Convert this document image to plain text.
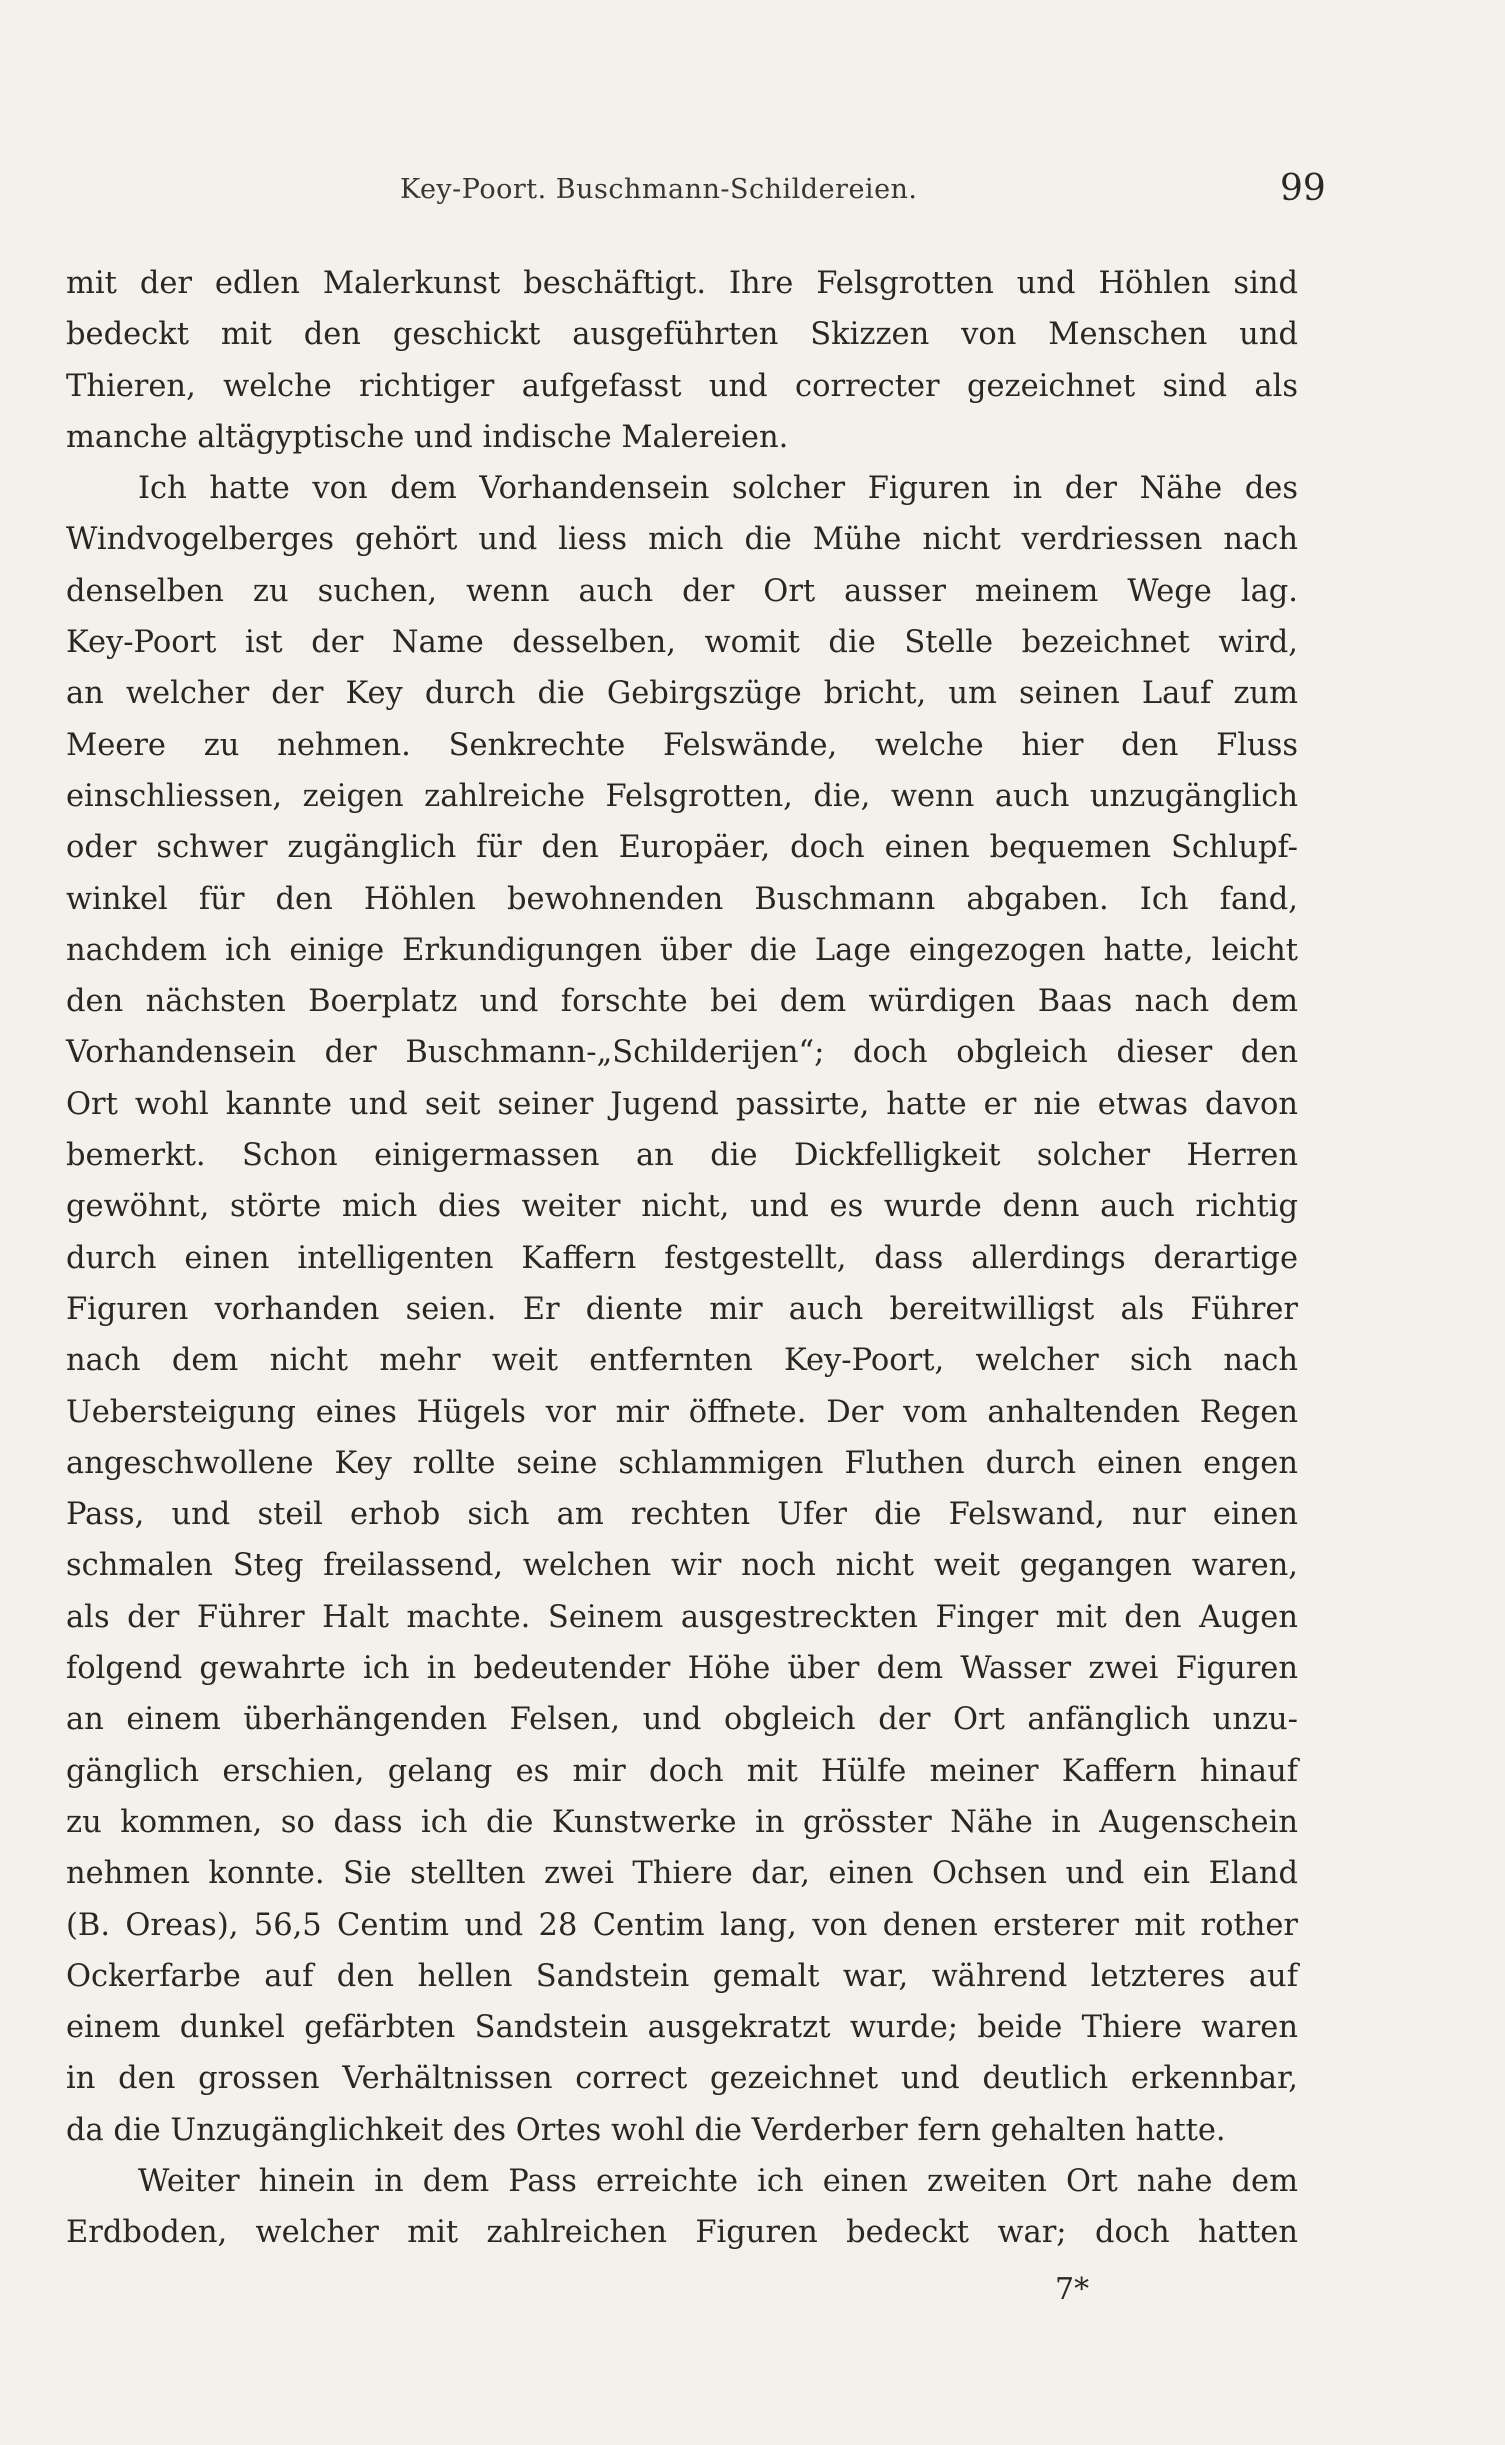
Key-Poort. Buschmann-Schildereien.	99
mit der edlen Malerkunst beschäftigt. Ihre Felsgrotten und Höhlen sind
bedeckt mit den geschickt ausgeführten Skizzen von Menschen und
Thieren, welche richtiger aufgefasst und correcter gezeichnet sind als
manche altägyptische und indische Malereien.
Ich hatte von dem Vorhandensein solcher Figuren in der Nähe des
Windvogelberges gehört und liess mich die Mühe nicht verdriessen nach
denselben zu suchen, wenn auch der Ort ausser meinem Wege lag.
Key-Poort ist der Name desselben, womit die Stelle bezeichnet wird,
an welcher der Key durch die Gebirgszüge bricht, um seinen Lauf zum
Meere zu nehmen. Senkrechte Felswände, welche hier den Fluss
einschliessen, zeigen zahlreiche Felsgrotten, die, wenn auch unzugänglich
oder schwer zugänglich für den Europäer, doch einen bequemen Schlupf-
winkel für den Höhlen bewohnenden Buschmann abgaben. Ich fand,
nachdem ich einige Erkundigungen über die Lage eingezogen hatte, leicht
den nächsten Boerplatz und forschte bei dem würdigen Baas nach dem
Vorhandensein der Buschmann-„Schilderijen“; doch obgleich dieser den
Ort wohl kannte und seit seiner Jugend passirte, hatte er nie etwas davon
bemerkt. Schon einigermassen an die Dickfelligkeit solcher Herren
gewöhnt, störte mich dies weiter nicht, und es wurde denn auch richtig
durch einen intelligenten Kaffern festgestellt, dass allerdings derartige
Figuren vorhanden seien. Er diente mir auch bereitwilligst als Führer
nach dem nicht mehr weit entfernten Key-Poort, welcher sich nach
Uebersteigung eines Hügels vor mir öffnete. Der vom anhaltenden Regen
angeschwollene Key rollte seine schlammigen Fluthen durch einen engen
Pass, und steil erhob sich am rechten Ufer die Felswand, nur einen
schmalen Steg freilassend, welchen wir noch nicht weit gegangen waren,
als der Führer Halt machte. Seinem ausgestreckten Finger mit den Augen
folgend gewahrte ich in bedeutender Höhe über dem Wasser zwei Figuren
an einem überhängenden Felsen, und obgleich der Ort anfänglich unzu-
gänglich erschien, gelang es mir doch mit Hülfe meiner Kaffern hinauf
zu kommen, so dass ich die Kunstwerke in grösster Nähe in Augenschein
nehmen konnte. Sie stellten zwei Thiere dar, einen Ochsen und ein Eland
(B. Oreas), 56,5 Centim und 28 Centim lang, von denen ersterer mit rother
Ockerfarbe auf den hellen Sandstein gemalt war, während letzteres auf
einem dunkel gefärbten Sandstein ausgekratzt wurde; beide Thiere waren
in den grossen Verhältnissen correct gezeichnet und deutlich erkennbar,
da die Unzugänglichkeit des Ortes wohl die Verderber fern gehalten hatte.
Weiter hinein in dem Pass erreichte ich einen zweiten Ort nahe dem
Erdboden, welcher mit zahlreichen Figuren bedeckt war; doch hatten
7*
